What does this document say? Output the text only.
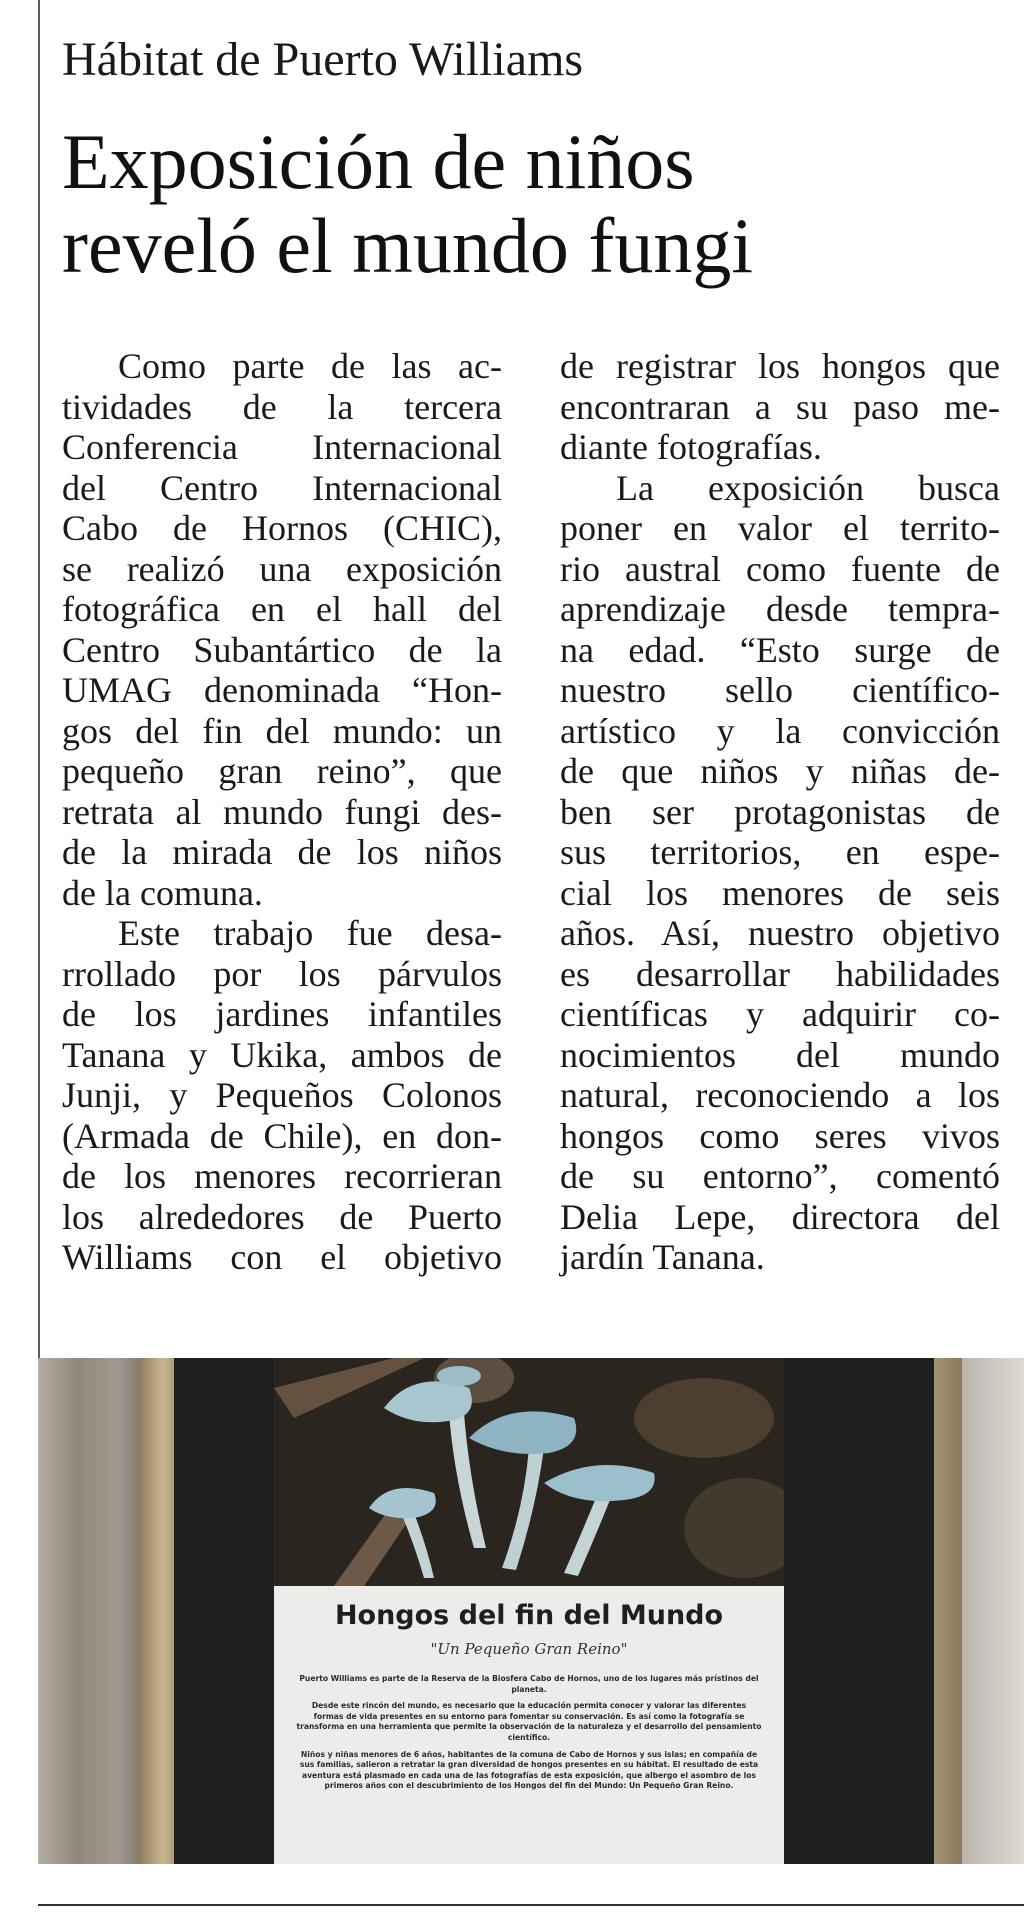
Hábitat de Puerto Williams
Exposición de niños
reveló el mundo fungi
Como parte de las ac-
tividades de la tercera
Conferencia Internacional
del Centro Internacional
Cabo de Hornos (CHIC),
se realizó una exposición
fotográfica en el hall del
Centro Subantártico de la
UMAG denominada “Hon-
gos del fin del mundo: un
pequeño gran reino”, que
retrata al mundo fungi des-
de la mirada de los niños
de la comuna.
Este trabajo fue desa-
rrollado por los párvulos
de los jardines infantiles
Tanana y Ukika, ambos de
Junji, y Pequeños Colonos
(Armada de Chile), en don-
de los menores recorrieran
los alrededores de Puerto
Williams con el objetivo
de registrar los hongos que
encontraran a su paso me-
diante fotografías.
La exposición busca
poner en valor el territo-
rio austral como fuente de
aprendizaje desde tempra-
na edad. “Esto surge de
nuestro sello científico-
artístico y la convicción
de que niños y niñas de-
ben ser protagonistas de
sus territorios, en espe-
cial los menores de seis
años. Así, nuestro objetivo
es desarrollar habilidades
científicas y adquirir co-
nocimientos del mundo
natural, reconociendo a los
hongos como seres vivos
de su entorno”, comentó
Delia Lepe, directora del
jardín Tanana.
Hongos del fin del Mundo
"Un Pequeño Gran Reino"

Puerto Williams es parte de la Reserva de la Biosfera Cabo de Hornos, uno de los lugares más prístinos del planeta.

Desde este rincón del mundo, es necesario que la educación permita conocer y valorar las diferentes formas de vida presentes en su entorno para fomentar su conservación. Es así como la fotografía se transforma en una herramienta que permite la observación de la naturaleza y el desarrollo del pensamiento científico.

Niños y niñas menores de 6 años, habitantes de la comuna de Cabo de Hornos y sus islas; en compañía de sus familias, salieron a retratar la gran diversidad de hongos presentes en su hábitat. El resultado de esta aventura está plasmado en cada una de las fotografías de esta exposición, que albergo el asombro de los primeros años con el descubrimiento de los Hongos del fin del Mundo: Un Pequeño Gran Reino.
